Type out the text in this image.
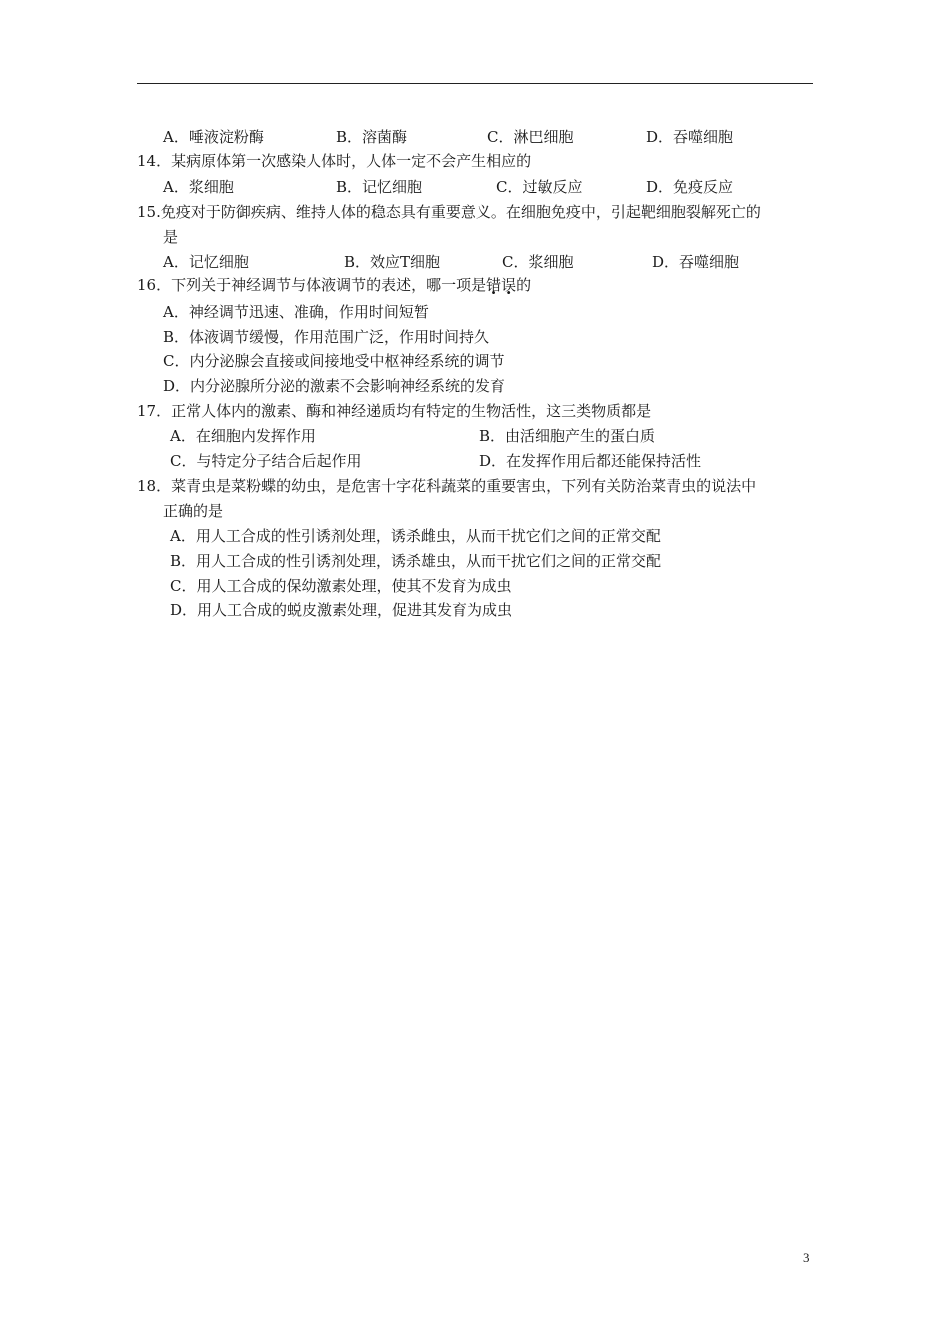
A．唾液淀粉酶	B．溶菌酶	C．淋巴细胞	D．吞噬细胞
14．某病原体第一次感染人体时，人体一定不会产生相应的
A．浆细胞	B．记忆细胞	C．过敏反应	D．免疫反应
15.免疫对于防御疾病、维持人体的稳态具有重要意义。在细胞免疫中，引起靶细胞裂解死亡的
是
A．记忆细胞	B．效应T细胞	C．浆细胞	D．吞噬细胞
16．下列关于神经调节与体液调节的表述，哪一项是错误的
A．神经调节迅速、准确，作用时间短暂
B．体液调节缓慢，作用范围广泛，作用时间持久
C．内分泌腺会直接或间接地受中枢神经系统的调节
D．内分泌腺所分泌的激素不会影响神经系统的发育
17．正常人体内的激素、酶和神经递质均有特定的生物活性，这三类物质都是
A．在细胞内发挥作用	B．由活细胞产生的蛋白质
C．与特定分子结合后起作用	D．在发挥作用后都还能保持活性
18．菜青虫是菜粉蝶的幼虫，是危害十字花科蔬菜的重要害虫，下列有关防治菜青虫的说法中
正确的是
A．用人工合成的性引诱剂处理，诱杀雌虫，从而干扰它们之间的正常交配
B．用人工合成的性引诱剂处理，诱杀雄虫，从而干扰它们之间的正常交配
C．用人工合成的保幼激素处理，使其不发育为成虫
D．用人工合成的蜕皮激素处理，促进其发育为成虫
3
